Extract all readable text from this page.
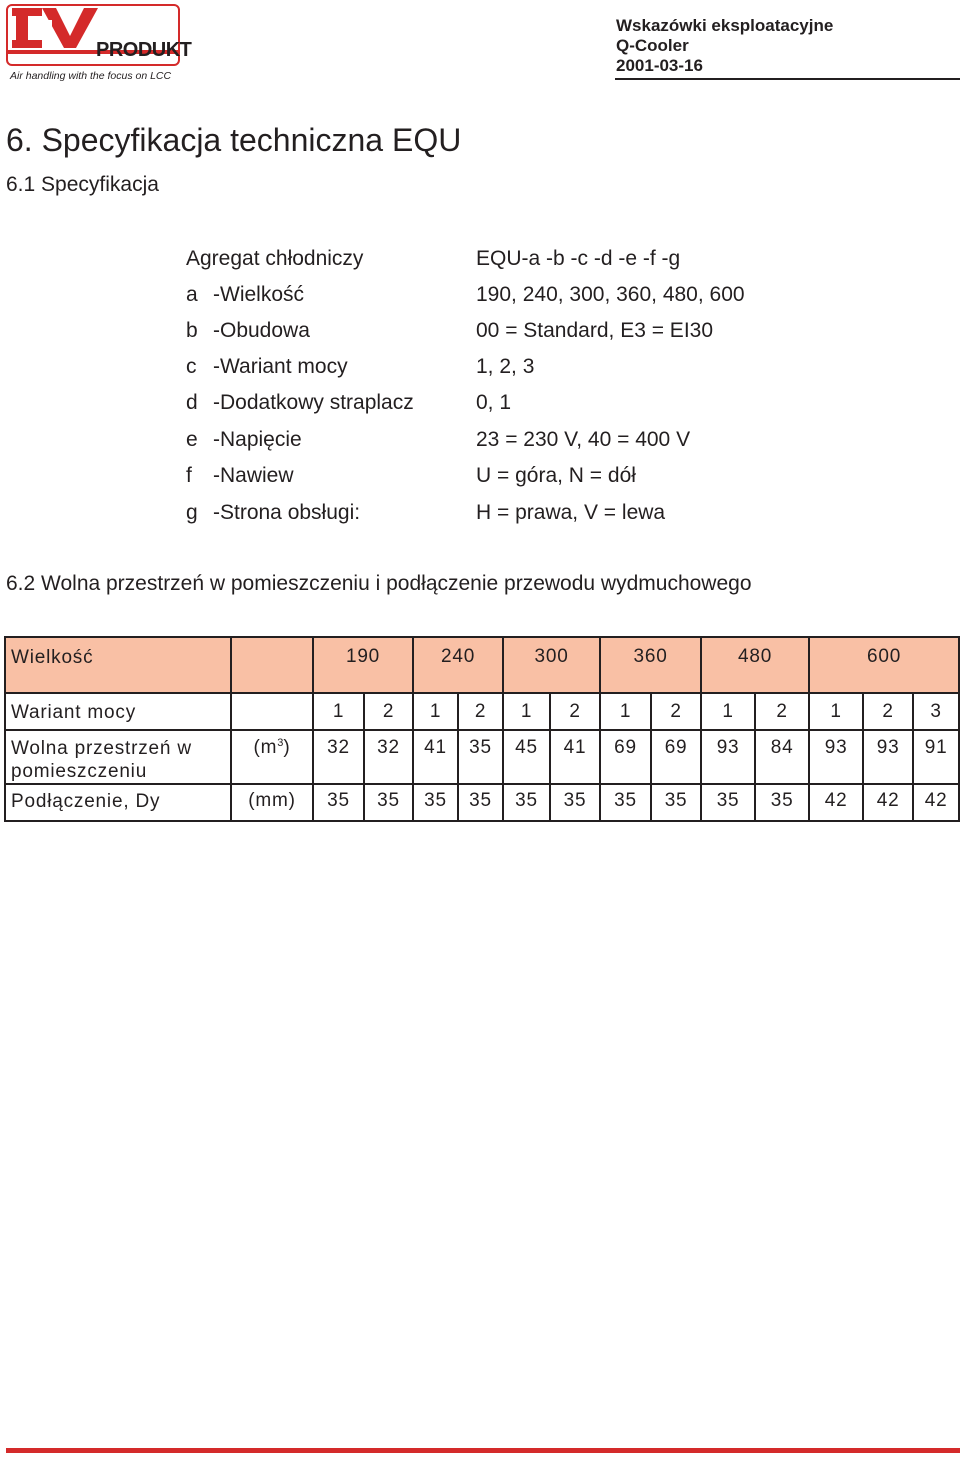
PRODUKT
Air handling with the focus on LCC
Wskazówki eksploatacyjne
Q-Cooler
2001-03-16
6. Specyfikacja techniczna EQU
6.1 Specyfikacja
Agregat chłodniczy	EQU-a -b -c -d -e -f -g
a -Wielkość	190, 240, 300, 360, 480, 600
b -Obudowa	00 = Standard, E3 = EI30
c -Wariant mocy	1, 2, 3
d -Dodatkowy straplacz	0, 1
e -Napięcie	23 = 230 V, 40 = 400 V
f -Nawiew	U = góra, N = dół
g -Strona obsługi:	H = prawa, V = lewa
6.2 Wolna przestrzeń w pomieszczeniu i podłączenie przewodu wydmuchowego
Wielkość		190		240		300		360		480		600		
Wariant mocy		1	2	1	2	1	2	1	2	1	2	1	2	3
Wolna przestrzeń w pomieszczeniu	$(m^3)$	32	32	41	35	45	41	69	69	93	84	93	93	91
Podłączenie, Dy	(mm)	35	35	35	35	35	35	35	35	35	35	42	42	42
